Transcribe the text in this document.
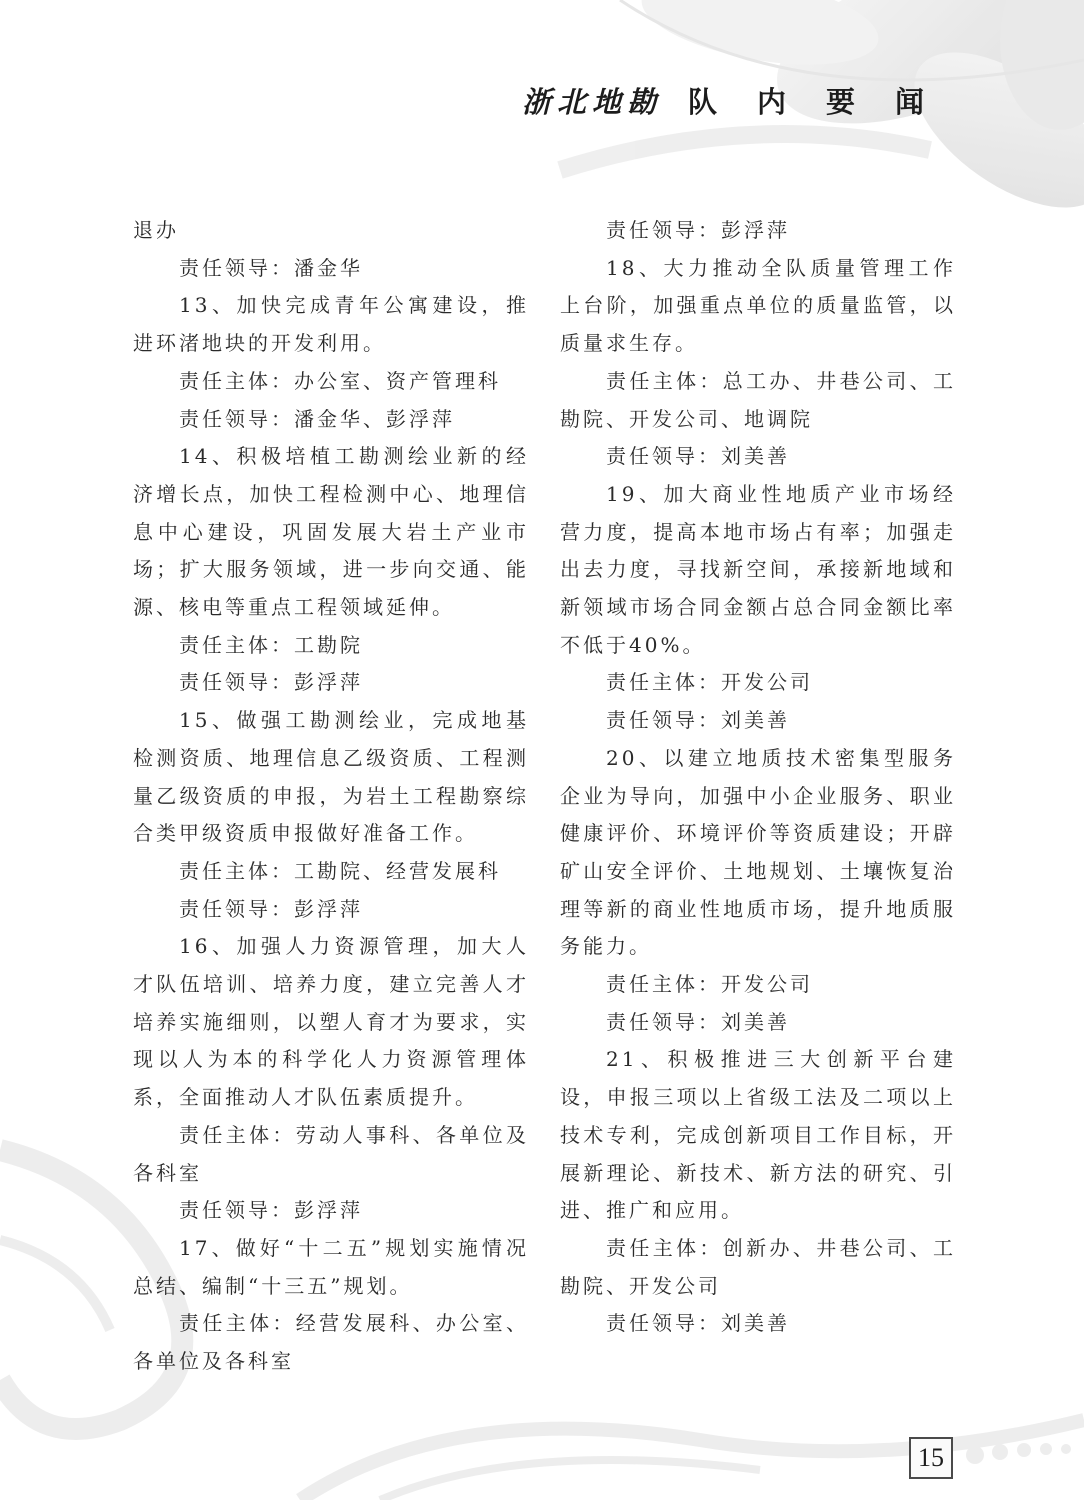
浙北地勘 队内要闻

退办

责任领导：潘金华

13、加快完成青年公寓建设，推进环渚地块的开发利用。

责任主体：办公室、资产管理科

责任领导：潘金华、彭浮萍

14、积极培植工勘测绘业新的经济增长点，加快工程检测中心、地理信息中心建设，巩固发展大岩土产业市场；扩大服务领域，进一步向交通、能源、核电等重点工程领域延伸。

责任主体：工勘院

责任领导：彭浮萍

15、做强工勘测绘业，完成地基检测资质、地理信息乙级资质、工程测量乙级资质的申报，为岩土工程勘察综合类甲级资质申报做好准备工作。

责任主体：工勘院、经营发展科

责任领导：彭浮萍

16、加强人力资源管理，加大人才队伍培训、培养力度，建立完善人才培养实施细则，以塑人育才为要求，实现以人为本的科学化人力资源管理体系，全面推动人才队伍素质提升。

责任主体：劳动人事科、各单位及各科室

责任领导：彭浮萍

17、做好“十二五”规划实施情况总结、编制“十三五”规划。

责任主体：经营发展科、办公室、各单位及各科室

责任领导：彭浮萍

18、大力推动全队质量管理工作上台阶，加强重点单位的质量监管，以质量求生存。

责任主体：总工办、井巷公司、工勘院、开发公司、地调院

责任领导：刘美善

19、加大商业性地质产业市场经营力度，提高本地市场占有率；加强走出去力度，寻找新空间，承接新地域和新领域市场合同金额占总合同金额比率不低于40%。

责任主体：开发公司

责任领导：刘美善

20、以建立地质技术密集型服务企业为导向，加强中小企业服务、职业健康评价、环境评价等资质建设；开辟矿山安全评价、土地规划、土壤恢复治理等新的商业性地质市场，提升地质服务能力。

责任主体：开发公司

责任领导：刘美善

21、积极推进三大创新平台建设，申报三项以上省级工法及二项以上技术专利，完成创新项目工作目标，开展新理论、新技术、新方法的研究、引进、推广和应用。

责任主体：创新办、井巷公司、工勘院、开发公司

责任领导：刘美善

15
